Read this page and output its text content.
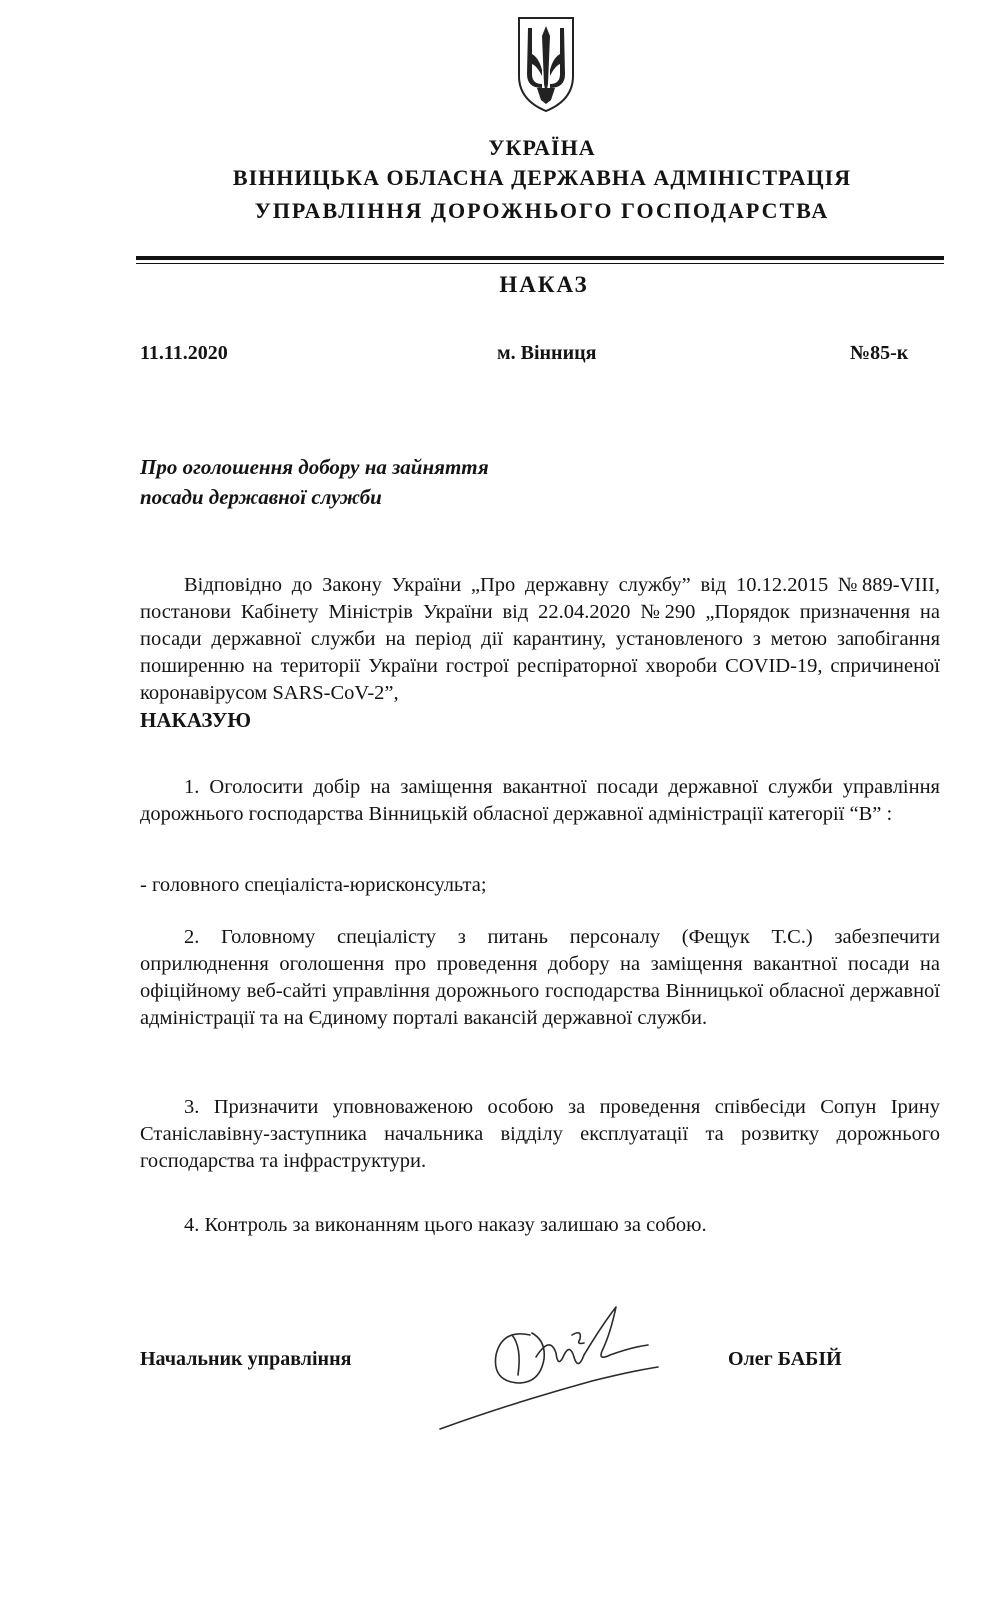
УКРАЇНА
ВІННИЦЬКА ОБЛАСНА ДЕРЖАВНА АДМІНІСТРАЦІЯ
УПРАВЛІННЯ ДОРОЖНЬОГО ГОСПОДАРСТВА
НАКАЗ
11.11.2020	м. Вінниця	№85-к
Про оголошення добору на зайняття
посади державної служби
Відповідно до Закону України „Про державну службу” від 10.12.2015 №889-VIII, постанови Кабінету Міністрів України від 22.04.2020 №290 „Порядок призначення на посади державної служби на період дії карантину, установленого з метою запобігання поширенню на території України гострої респіраторної хвороби COVID-19, спричиненої коронавірусом SARS-CoV-2”,
НАКАЗУЮ
1. Оголосити добір на заміщення вакантної посади державної служби управління дорожнього господарства Вінницькій обласної державної адміністрації категорії “В” :
- головного спеціаліста-юрисконсульта;
2. Головному спеціалісту з питань персоналу (Фещук Т.С.) забезпечити оприлюднення оголошення про проведення добору на заміщення вакантної посади на офіційному веб-сайті управління дорожнього господарства Вінницької обласної державної адміністрації та на Єдиному порталі вакансій державної служби.
3. Призначити уповноваженою особою за проведення співбесіди Сопун Ірину Станіславівну-заступника начальника відділу експлуатації та розвитку дорожнього господарства та інфраструктури.
4. Контроль за виконанням цього наказу залишаю за собою.
Начальник управління	Олег БАБІЙ
